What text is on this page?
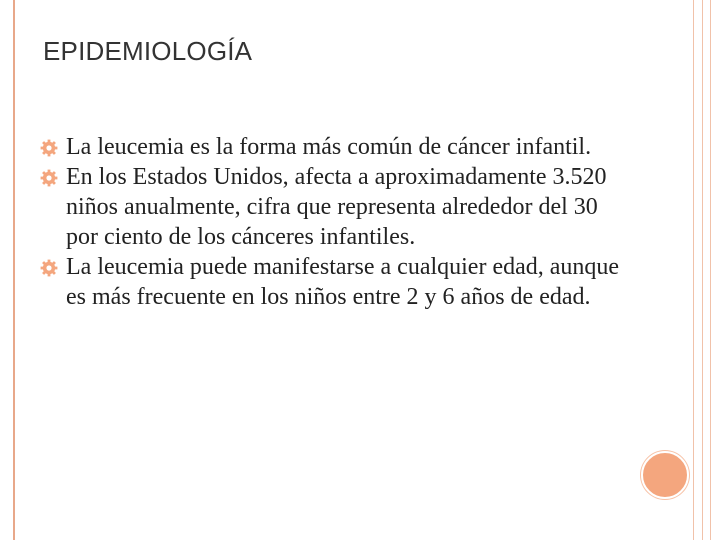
EPIDEMIOLOGÍA
La leucemia es la forma más común de cáncer infantil.
En los Estados Unidos, afecta a aproximadamente 3.520 niños anualmente, cifra que representa alrededor del 30 por ciento de los cánceres infantiles.
La leucemia puede manifestarse a cualquier edad, aunque es más frecuente en los niños entre 2 y 6 años de edad.
